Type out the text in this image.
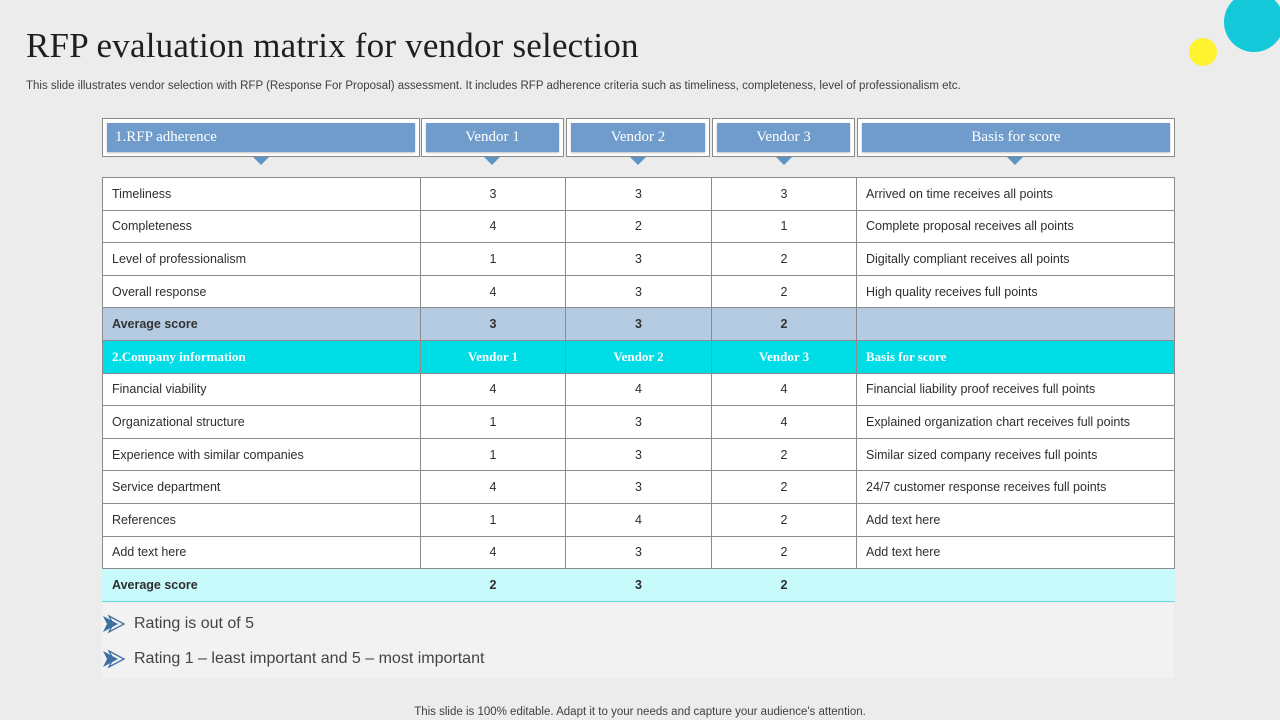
RFP evaluation matrix for vendor selection

This slide illustrates vendor selection with RFP (Response For Proposal) assessment. It includes RFP adherence criteria such as timeliness, completeness, level of professionalism etc.

1.RFP adherence	Vendor 1	Vendor 2	Vendor 3	Basis for score
Timeliness	3	3	3	Arrived on time receives all points
Completeness	4	2	1	Complete proposal receives all points
Level of professionalism	1	3	2	Digitally compliant receives all points
Overall response	4	3	2	High quality receives full points
Average score	3	3	2	
2.Company information	Vendor 1	Vendor 2	Vendor 3	Basis for score
Financial viability	4	4	4	Financial liability proof receives full points
Organizational structure	1	3	4	Explained organization chart receives full points
Experience with similar companies	1	3	2	Similar sized company receives full points
Service department	4	3	2	24/7 customer response receives full points
References	1	4	2	Add text here
Add text here	4	3	2	Add text here
Average score	2	3	2	
Rating is out of 5
Rating 1 – least important and 5 – most important
This slide is 100% editable. Adapt it to your needs and capture your audience's attention.
